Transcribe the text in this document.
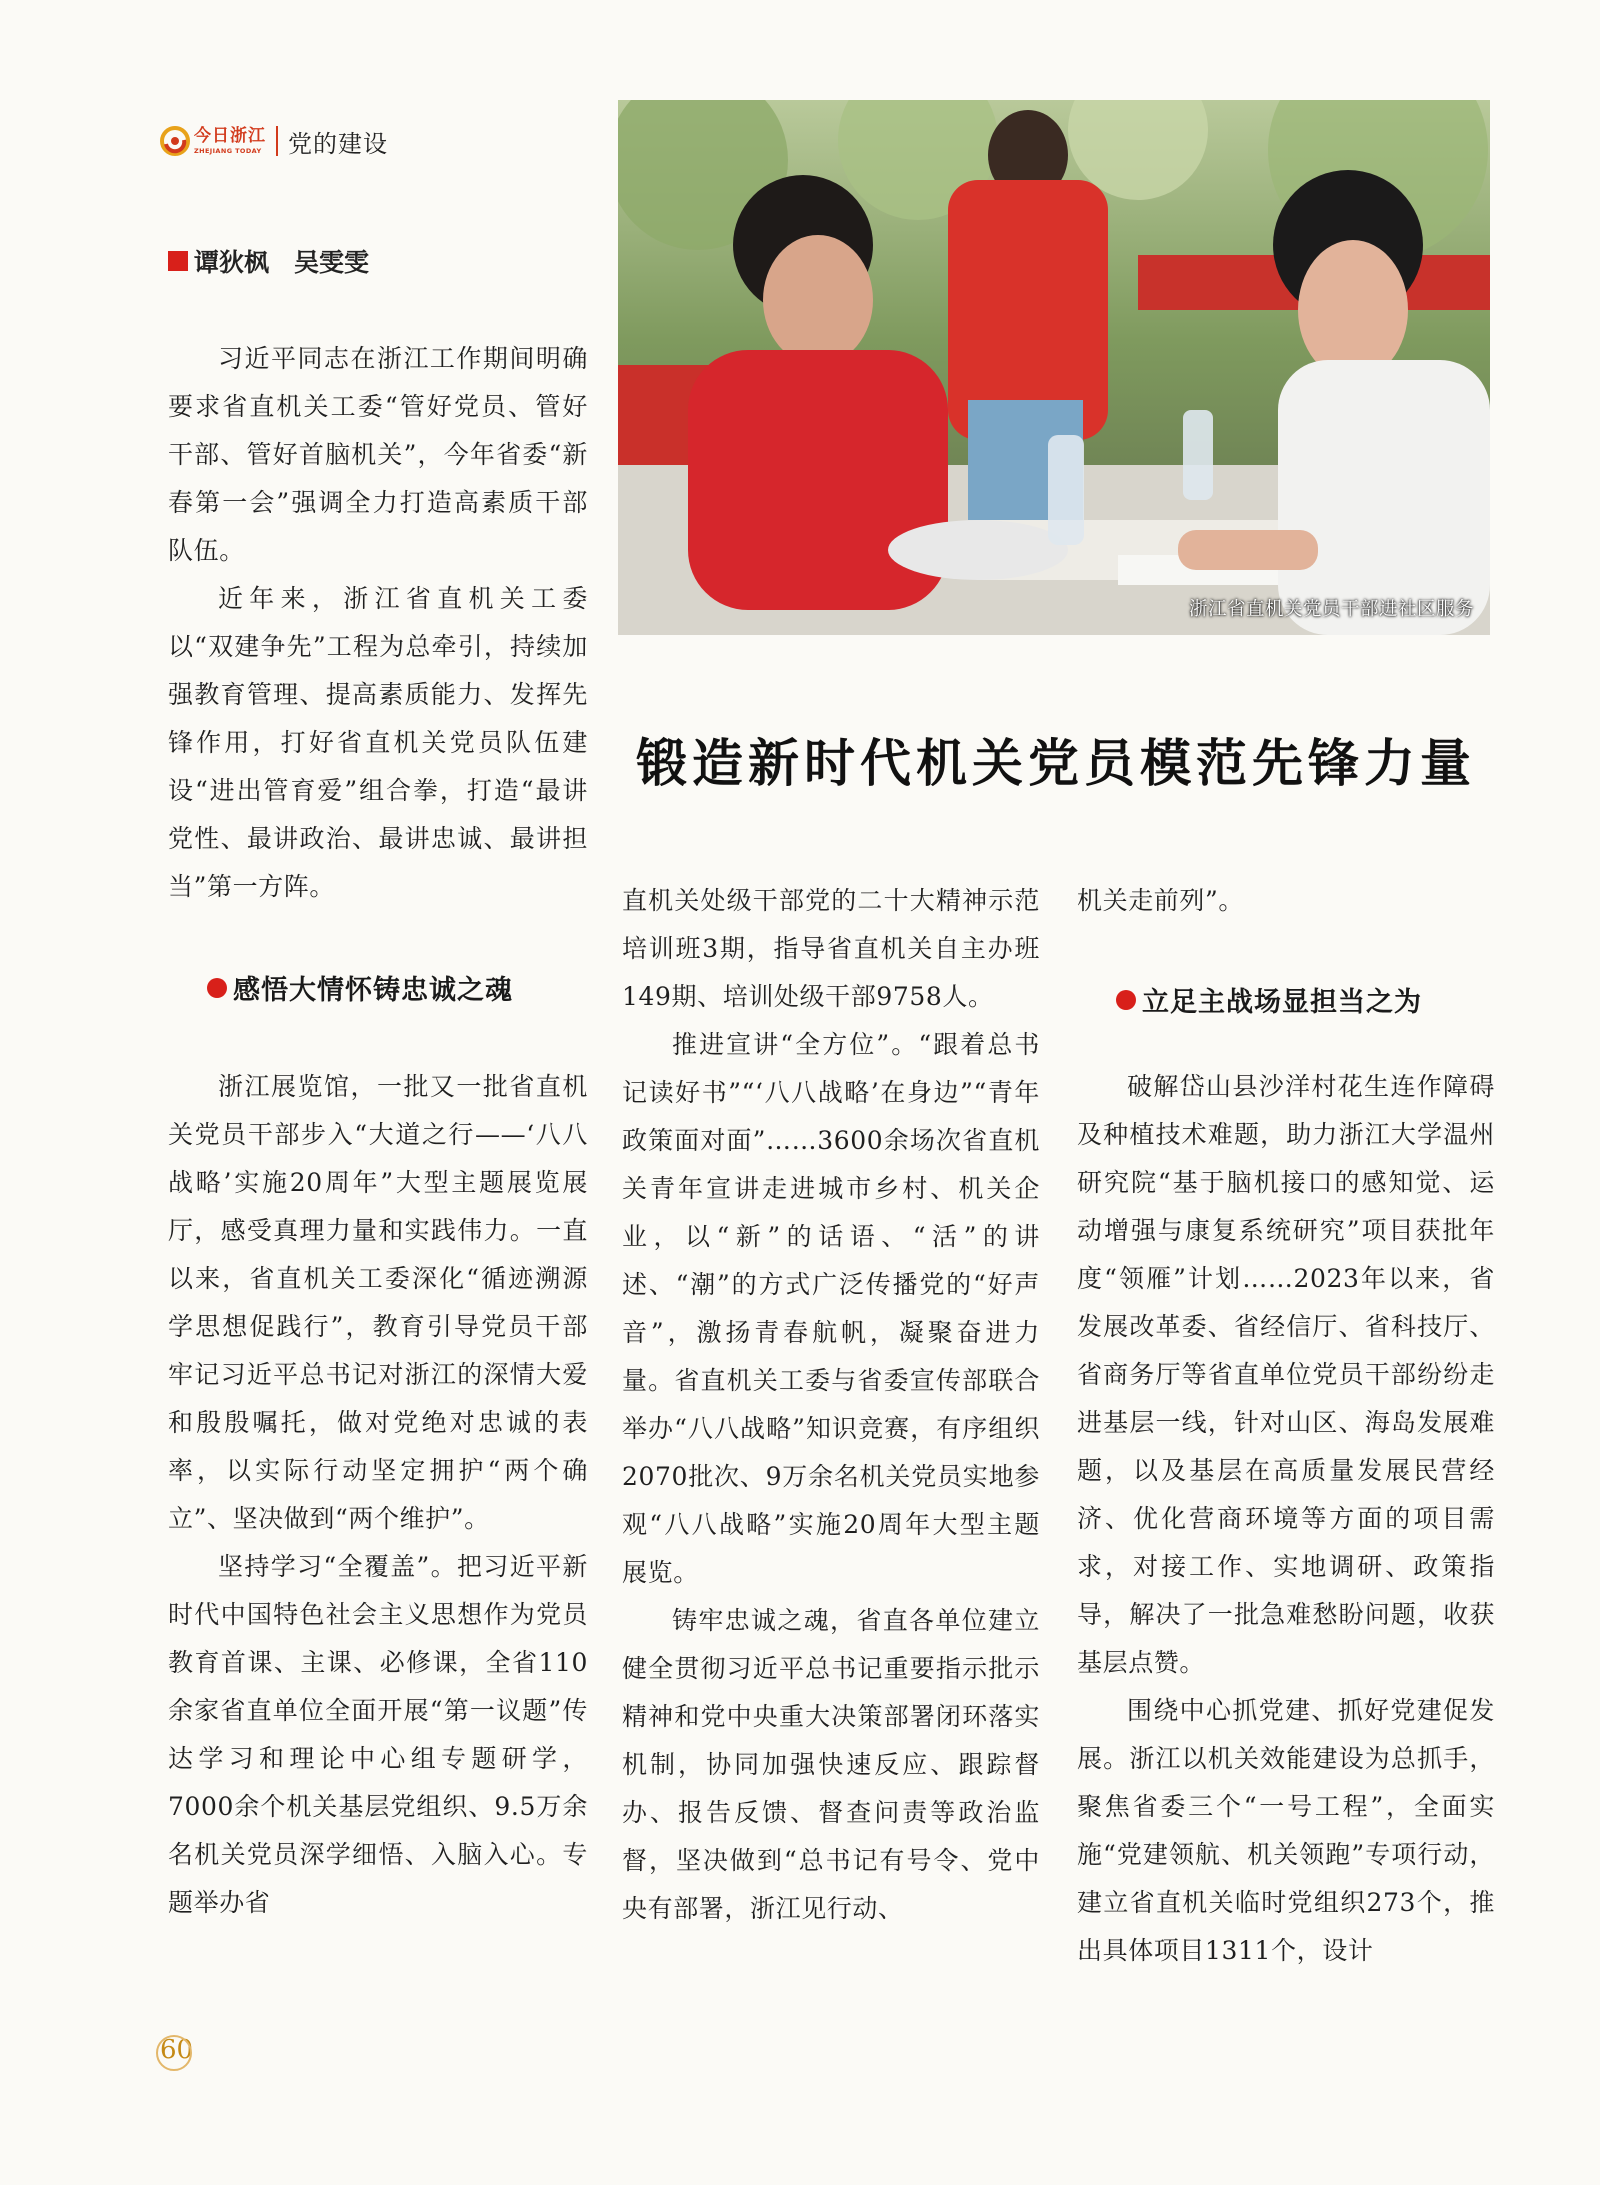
今日浙江
ZHEJIANG TODAY 党的建设
谭狄枫　吴雯雯

习近平同志在浙江工作期间明确要求省直机关工委“管好党员、管好干部、管好首脑机关”，今年省委“新春第一会”强调全力打造高素质干部队伍。

近年来，浙江省直机关工委以“双建争先”工程为总牵引，持续加强教育管理、提高素质能力、发挥先锋作用，打好省直机关党员队伍建设“进出管育爱”组合拳，打造“最讲党性、最讲政治、最讲忠诚、最讲担当”第一方阵。

浙江省直机关党员干部进社区服务
锻造新时代机关党员模范先锋力量
感悟大情怀铸忠诚之魂

浙江展览馆，一批又一批省直机关党员干部步入“大道之行——‘八八战略’实施20周年”大型主题展览展厅，感受真理力量和实践伟力。一直以来，省直机关工委深化“循迹溯源学思想促践行”，教育引导党员干部牢记习近平总书记对浙江的深情大爱和殷殷嘱托，做对党绝对忠诚的表率，以实际行动坚定拥护“两个确立”、坚决做到“两个维护”。

坚持学习“全覆盖”。把习近平新时代中国特色社会主义思想作为党员教育首课、主课、必修课，全省110余家省直单位全面开展“第一议题”传达学习和理论中心组专题研学，7000余个机关基层党组织、9.5万余名机关党员深学细悟、入脑入心。专题举办省

直机关处级干部党的二十大精神示范培训班3期，指导省直机关自主办班149期、培训处级干部9758人。

推进宣讲“全方位”。“跟着总书记读好书”“‘八八战略’在身边”“青年政策面对面”……3600余场次省直机关青年宣讲走进城市乡村、机关企业，以“新”的话语、“活”的讲述、“潮”的方式广泛传播党的“好声音”，激扬青春航帆，凝聚奋进力量。省直机关工委与省委宣传部联合举办“八八战略”知识竞赛，有序组织2070批次、9万余名机关党员实地参观“八八战略”实施20周年大型主题展览。

铸牢忠诚之魂，省直各单位建立健全贯彻习近平总书记重要指示批示精神和党中央重大决策部署闭环落实机制，协同加强快速反应、跟踪督办、报告反馈、督查问责等政治监督，坚决做到“总书记有号令、党中央有部署，浙江见行动、

机关走前列”。

立足主战场显担当之为

破解岱山县沙洋村花生连作障碍及种植技术难题，助力浙江大学温州研究院“基于脑机接口的感知觉、运动增强与康复系统研究”项目获批年度“领雁”计划……2023年以来，省发展改革委、省经信厅、省科技厅、省商务厅等省直单位党员干部纷纷走进基层一线，针对山区、海岛发展难题，以及基层在高质量发展民营经济、优化营商环境等方面的项目需求，对接工作、实地调研、政策指导，解决了一批急难愁盼问题，收获基层点赞。

围绕中心抓党建、抓好党建促发展。浙江以机关效能建设为总抓手，聚焦省委三个“一号工程”，全面实施“党建领航、机关领跑”专项行动，建立省直机关临时党组织273个，推出具体项目1311个，设计

60
